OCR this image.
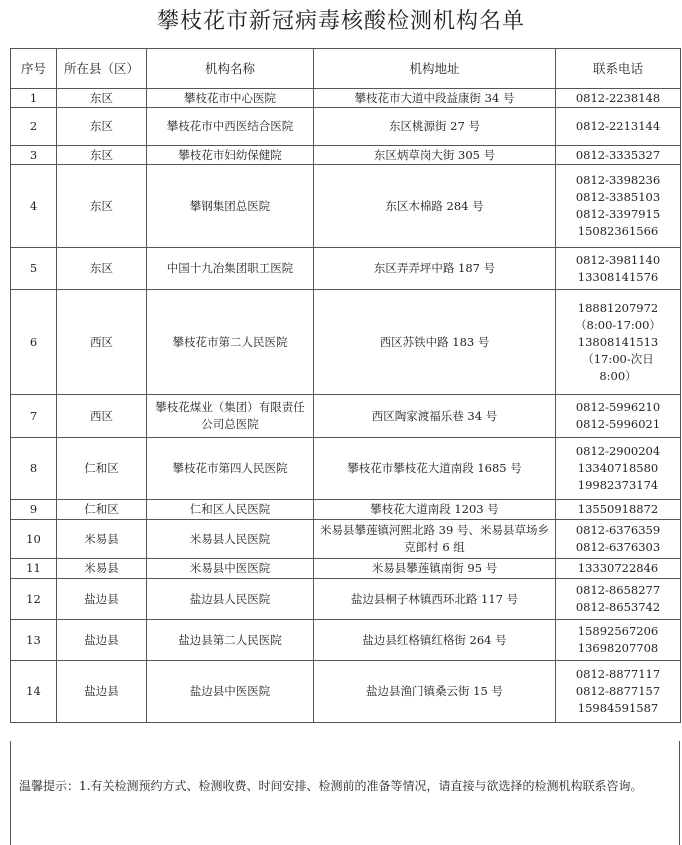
攀枝花市新冠病毒核酸检测机构名单
序号	所在县（区）	机构名称	机构地址	联系电话
1	东区	攀枝花市中心医院	攀枝花市大道中段益康街 34 号	0812-2238148

2	东区	攀枝花市中西医结合医院	东区桃源街 27 号	0812-2213144

3	东区	攀枝花市妇幼保健院	东区炳草岗大街 305 号	0812-3335327

4	东区	攀钢集团总医院	东区木棉路 284 号	0812-3398236
0812-3385103
0812-3397915
15082361566

5	东区	中国十九冶集团职工医院	东区弄弄坪中路 187 号	0812-3981140
13308141576

6	西区	攀枝花市第二人民医院	西区苏铁中路 183 号	18881207972
（8:00-17:00）
13808141513
（17:00-次日
8:00）

7	西区	攀枝花煤业（集团）有限责任公司总医院	西区陶家渡福乐巷 34 号	0812-5996210
0812-5996021

8	仁和区	攀枝花市第四人民医院	攀枝花市攀枝花大道南段 1685 号	0812-2900204
13340718580
19982373174

9	仁和区	仁和区人民医院	攀枝花大道南段 1203 号	13550918872

10	米易县	米易县人民医院	米易县攀莲镇河熙北路 39 号、米易县草场乡克郎村 6 组	0812-6376359
0812-6376303

11	米易县	米易县中医医院	米易县攀莲镇南街 95 号	13330722846

12	盐边县	盐边县人民医院	盐边县桐子林镇西环北路 117 号	0812-8658277
0812-8653742

13	盐边县	盐边县第二人民医院	盐边县红格镇红格街 264 号	15892567206
13698207708

14	盐边县	盐边县中医医院	盐边县渔门镇桑云街 15 号	0812-8877117
0812-8877157
15984591587
温馨提示：1.有关检测预约方式、检测收费、时间安排、检测前的准备等情况，请直接与欲选择的检测机构联系咨询。
